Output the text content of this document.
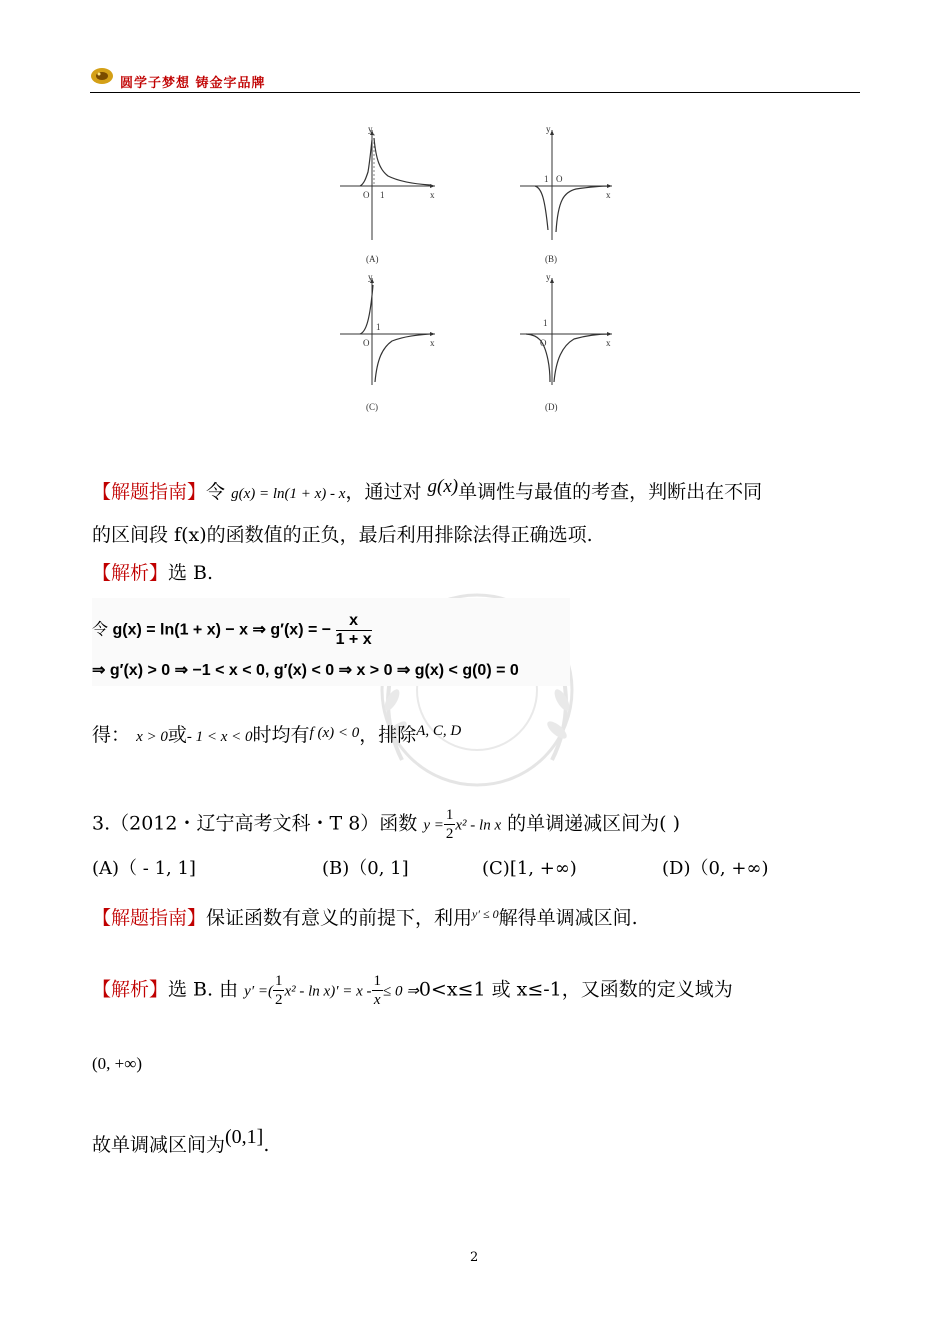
圆学子梦想 铸金字品牌
y
x
O 1
(A)
y
x
O
1
(B)
y
x
O
1
(C)
y
x
O
1
(D)
【解题指南】令 g(x) = ln(1 + x) - x，通过对 g(x)单调性与最值的考查，判断出在不同
的区间段 f(x)的函数值的正负，最后利用排除法得正确选项.
【解析】选 B.
令 g(x) = ln(1 + x) − x ⇒ g′(x) = − $\frac{x}{1 + x}$
⇒ g′(x) > 0 ⇒ −1 < x < 0, g′(x) < 0 ⇒ x > 0 ⇒ g(x) < g(0) = 0
得： x > 0或- 1 < x < 0时均有$^{f (x) < 0}$，排除$^{A, C, D}$
3.（2012・辽宁高考文科・T 8）函数 $y = \frac{1}{2} x^2 - \ln x$ 的单调递减区间为( )
(A)（ - 1, 1]	(B)（0, 1]	(C)[1, +∞)	(D)（0, +∞)
【解题指南】保证函数有意义的前提下，利用$^{y' \le 0}$解得单调减区间.
【解析】选 B. 由 y′ =( $\frac{1}{2} x^2 - \ln x)' = x - \frac{1}{x} \le 0$ ⇒0<x≤1 或 x≤-1，又函数的定义域为
(0, +∞)
故单调减区间为(0,1].
2
